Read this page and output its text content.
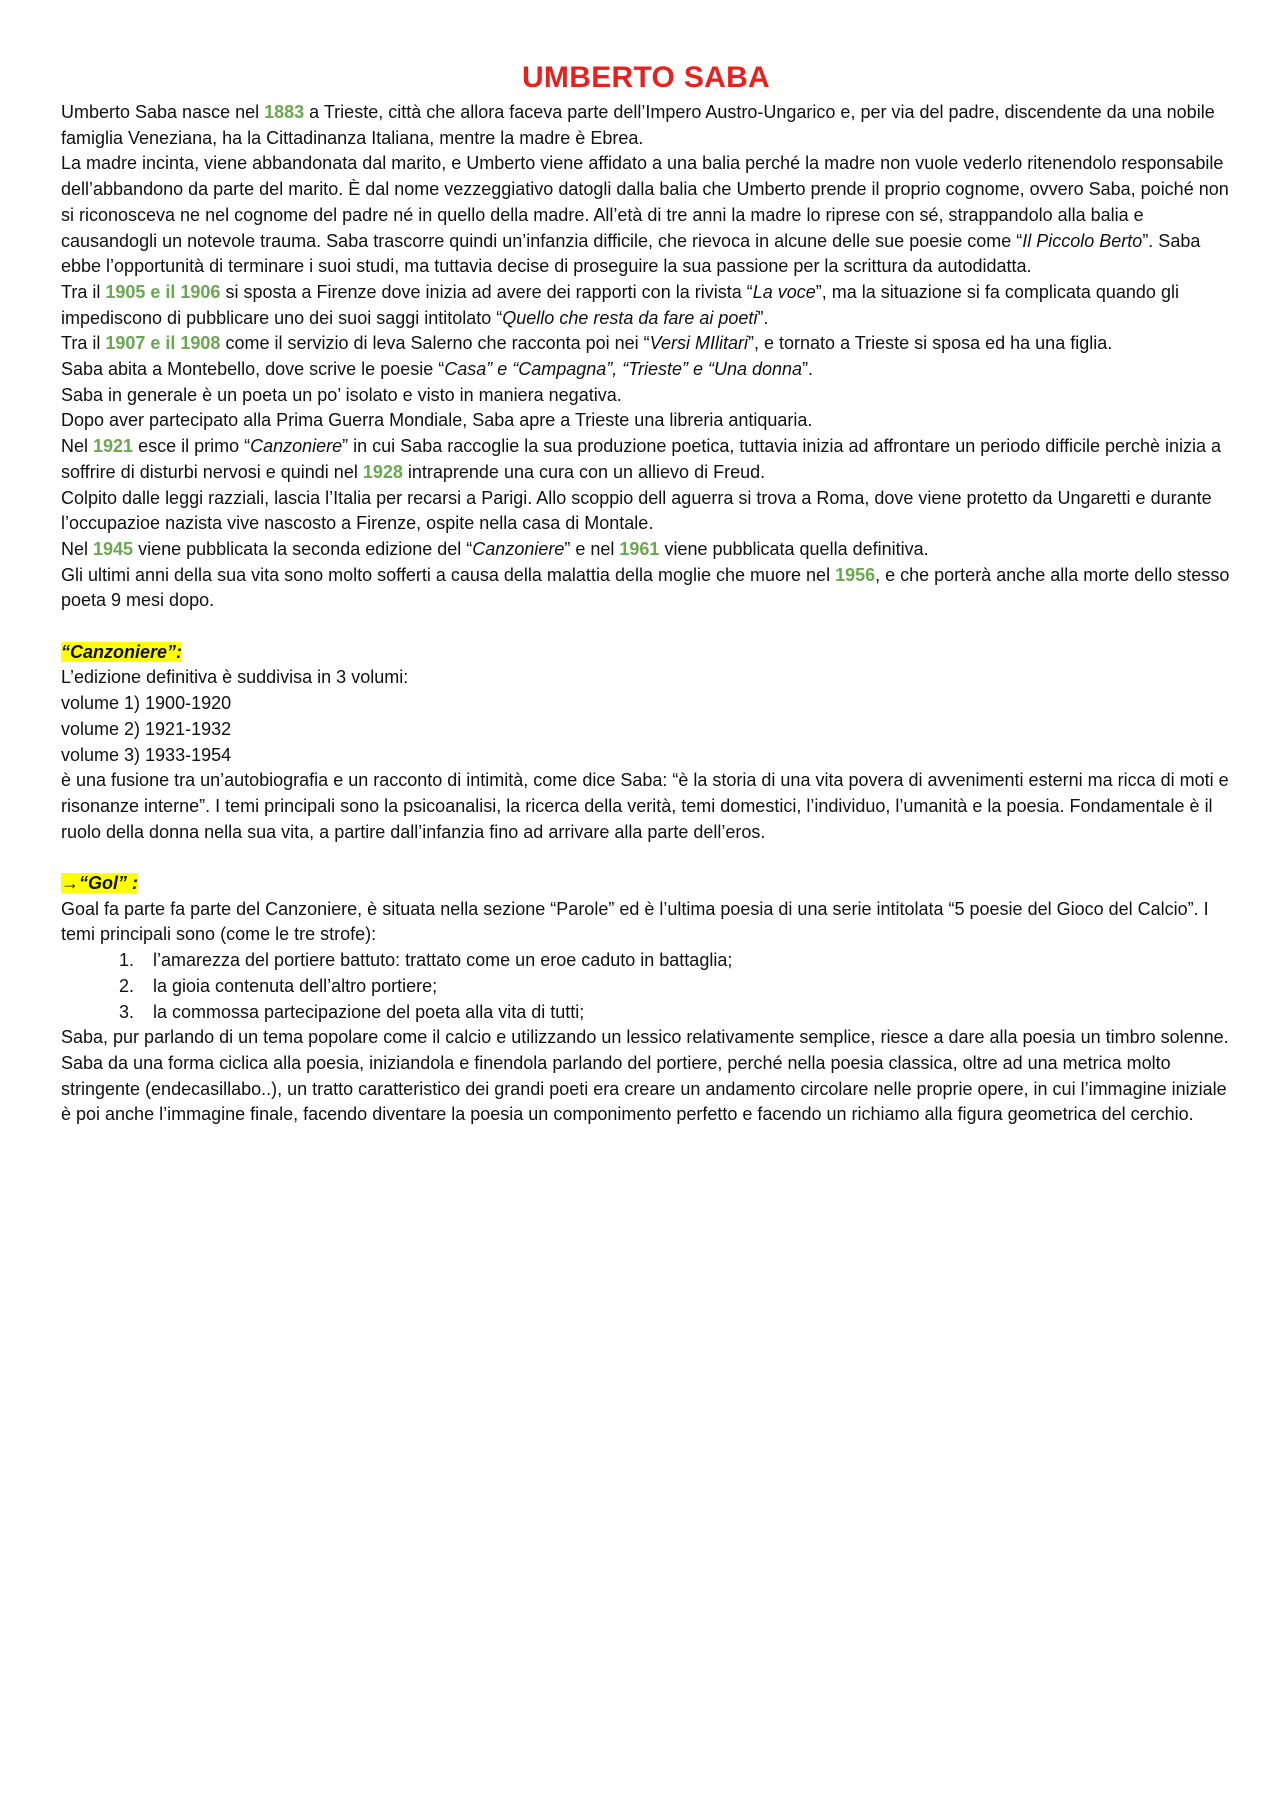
UMBERTO SABA

Umberto Saba nasce nel 1883 a Trieste, città che allora faceva parte dell’Impero Austro-Ungarico e, per via del padre, discendente da una nobile famiglia Veneziana, ha la Cittadinanza Italiana, mentre la madre è Ebrea.

La madre incinta, viene abbandonata dal marito, e Umberto viene affidato a una balia perché la madre non vuole vederlo ritenendolo responsabile dell’abbandono da parte del marito. È dal nome vezzeggiativo datogli dalla balia che Umberto prende il proprio cognome, ovvero Saba, poiché non si riconosceva ne nel cognome del padre né in quello della madre. All’età di tre anni la madre lo riprese con sé, strappandolo alla balia e causandogli un notevole trauma. Saba trascorre quindi un’infanzia difficile, che rievoca in alcune delle sue poesie come “Il Piccolo Berto”. Saba ebbe l’opportunità di terminare i suoi studi, ma tuttavia decise di proseguire la sua passione per la scrittura da autodidatta.

Tra il 1905 e il 1906 si sposta a Firenze dove inizia ad avere dei rapporti con la rivista “La voce”, ma la situazione si fa complicata quando gli impediscono di pubblicare uno dei suoi saggi intitolato “Quello che resta da fare ai poeti”.

Tra il 1907 e il 1908 come il servizio di leva Salerno che racconta poi nei “Versi MIlitari”, e tornato a Trieste si sposa ed ha una figlia.

Saba abita a Montebello, dove scrive le poesie “Casa” e “Campagna”, “Trieste” e “Una donna”.

Saba in generale è un poeta un po’ isolato e visto in maniera negativa.

Dopo aver partecipato alla Prima Guerra Mondiale, Saba apre a Trieste una libreria antiquaria.

Nel 1921 esce il primo “Canzoniere” in cui Saba raccoglie la sua produzione poetica, tuttavia inizia ad affrontare un periodo difficile perchè inizia a soffrire di disturbi nervosi e quindi nel 1928 intraprende una cura con un allievo di Freud.

Colpito dalle leggi razziali, lascia l’Italia per recarsi a Parigi. Allo scoppio dell aguerra si trova a Roma, dove viene protetto da Ungaretti e durante l’occupazioe nazista vive nascosto a Firenze, ospite nella casa di Montale.

Nel 1945 viene pubblicata la seconda edizione del “Canzoniere” e nel 1961 viene pubblicata quella definitiva.

Gli ultimi anni della sua vita sono molto sofferti a causa della malattia della moglie che muore nel 1956, e che porterà anche alla morte dello stesso poeta 9 mesi dopo.

“Canzoniere”:

L’edizione definitiva è suddivisa in 3 volumi:

volume 1) 1900-1920

volume 2) 1921-1932

volume 3) 1933-1954

è una fusione tra un’autobiografia e un racconto di intimità, come dice Saba: “è la storia di una vita povera di avvenimenti esterni ma ricca di moti e risonanze interne”. I temi principali sono la psicoanalisi, la ricerca della verità, temi domestici, l’individuo, l’umanità e la poesia. Fondamentale è il ruolo della donna nella sua vita, a partire dall’infanzia fino ad arrivare alla parte dell’eros.

→“Gol” :

Goal fa parte fa parte del Canzoniere, è situata nella sezione “Parole” ed è l’ultima poesia di una serie intitolata “5 poesie del Gioco del Calcio”. I temi principali sono (come le tre strofe):

1. l’amarezza del portiere battuto: trattato come un eroe caduto in battaglia;
2. la gioia contenuta dell’altro portiere;
3. la commossa partecipazione del poeta alla vita di tutti;

Saba, pur parlando di un tema popolare come il calcio e utilizzando un lessico relativamente semplice, riesce a dare alla poesia un timbro solenne. Saba da una forma ciclica alla poesia, iniziandola e finendola parlando del portiere, perché nella poesia classica, oltre ad una metrica molto stringente (endecasillabo..), un tratto caratteristico dei grandi poeti era creare un andamento circolare nelle proprie opere, in cui l’immagine iniziale è poi anche l’immagine finale, facendo diventare la poesia un componimento perfetto e facendo un richiamo alla figura geometrica del cerchio.
